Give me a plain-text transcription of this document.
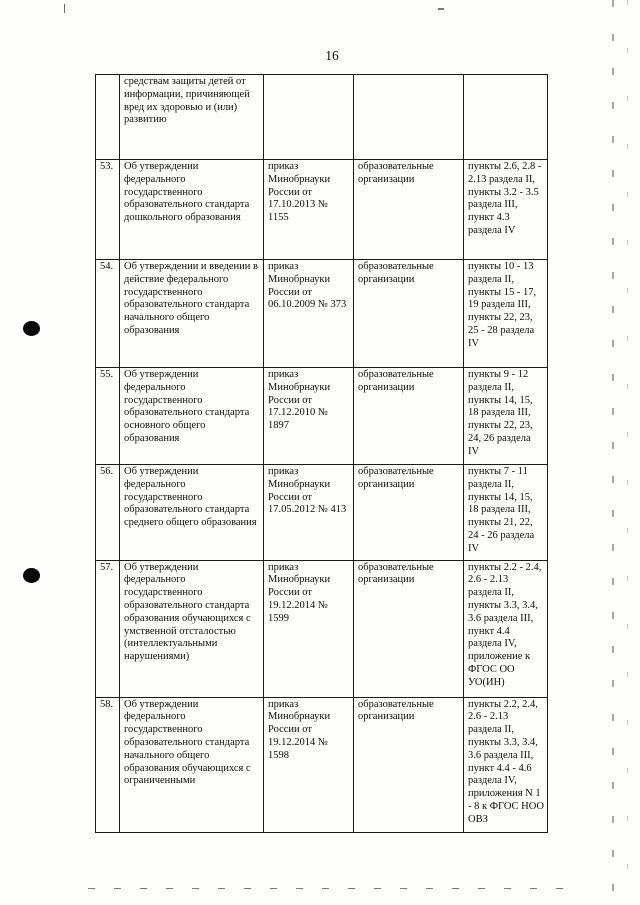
16
	средствам защиты детей от информации, причиняющей вред их здоровью и (или) развитию			
53.	Об утверждении федерального государственного образовательного стандарта дошкольного образования	приказ Минобрнауки России от 17.10.2013 № 1155	образовательные организации	пункты 2.6, 2.8 - 2.13 раздела II, пункты 3.2 - 3.5 раздела III, пункт 4.3 раздела IV
54.	Об утверждении и введении в действие федерального государственного образовательного стандарта начального общего образования	приказ Минобрнауки России от 06.10.2009 № 373	образовательные организации	пункты 10 - 13 раздела II, пункты 15 - 17, 19 раздела III, пункты 22, 23, 25 - 28 раздела IV
55.	Об утверждении федерального государственного образовательного стандарта основного общего образования	приказ Минобрнауки России от 17.12.2010 № 1897	образовательные организации	пункты 9 - 12 раздела II, пункты 14, 15, 18 раздела III, пункты 22, 23, 24, 26 раздела IV
56.	Об утверждении федерального государственного образовательного стандарта среднего общего образования	приказ Минобрнауки России от 17.05.2012 № 413	образовательные организации	пункты 7 - 11 раздела II, пункты 14, 15, 18 раздела III, пункты 21, 22, 24 - 26 раздела IV
57.	Об утверждении федерального государственного образовательного стандарта образования обучающихся с умственной отсталостью (интеллектуальными нарушениями)	приказ Минобрнауки России от 19.12.2014 № 1599	образовательные организации	пункты 2.2 - 2.4, 2.6 - 2.13 раздела II, пункты 3.3, 3.4, 3.6 раздела III, пункт 4.4 раздела IV, приложение к ФГОС ОО УО(ИН)
58.	Об утверждении федерального государственного образовательного стандарта начального общего образования обучающихся с ограниченными	приказ Минобрнауки России от 19.12.2014 № 1598	образовательные организации	пункты 2.2, 2.4, 2.6 - 2.13 раздела II, пункты 3.3, 3.4, 3.6 раздела III, пункт 4.4 - 4.6 раздела IV, приложения N 1 - 8 к ФГОС НОО ОВЗ
